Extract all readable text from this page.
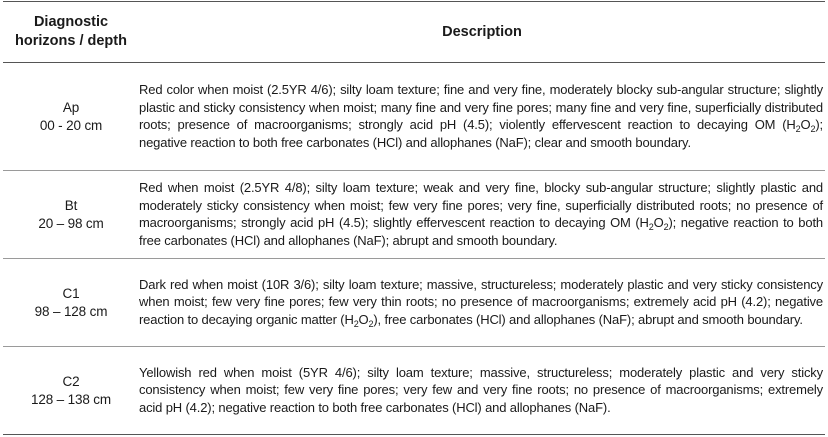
Diagnostic
horizons / depth	Description

Ap
00 - 20 cm	Red color when moist (2.5YR 4/6); silty loam texture; fine and very fine, moderately blocky sub-angular structure; slightly plastic and sticky consistency when moist; many fine and very fine pores; many fine and very fine, superficially distributed roots; presence of macroorganisms; strongly acid pH (4.5); violently effervescent reaction to decaying OM $(H_2O_2)$; negative reaction to both free carbonates (HCl) and allophanes (NaF); clear and smooth boundary.

Bt
20 – 98 cm	Red when moist (2.5YR 4/8); silty loam texture; weak and very fine, blocky sub-angular structure; slightly plastic and moderately sticky consistency when moist; few very fine pores; very fine, superficially distributed roots; no presence of macroorganisms; strongly acid pH (4.5); slightly effervescent reaction to decaying OM $(H_2O_2)$; negative reaction to both free carbonates (HCl) and allophanes (NaF); abrupt and smooth boundary.

C1
98 – 128 cm	Dark red when moist (10R 3/6); silty loam texture; massive, structureless; moderately plastic and very sticky consistency when moist; few very fine pores; few very thin roots; no presence of macroorganisms; extremely acid pH (4.2); negative reaction to decaying organic matter $(H_2O_2)$, free carbonates (HCl) and allophanes (NaF); abrupt and smooth boundary.

C2
128 – 138 cm	Yellowish red when moist (5YR 4/6); silty loam texture; massive, structureless; moderately plastic and very sticky consistency when moist; few very fine pores; very few and very fine roots; no presence of macroorganisms; extremely acid pH (4.2); negative reaction to both free carbonates (HCl) and allophanes (NaF).
